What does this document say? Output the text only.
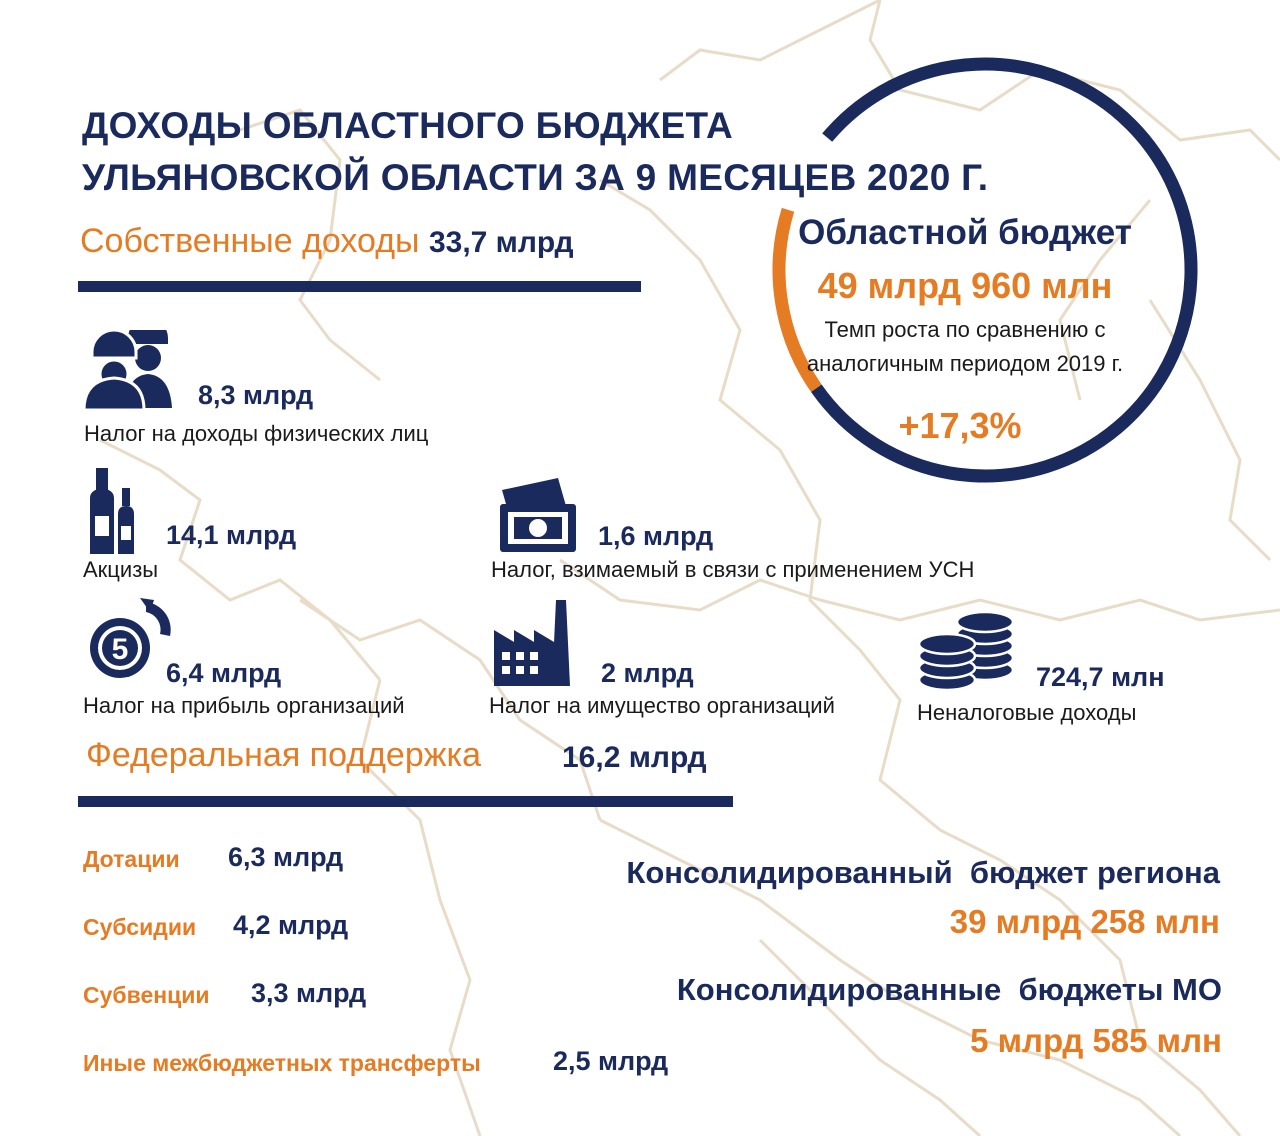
ДОХОДЫ ОБЛАСТНОГО БЮДЖЕТА
УЛЬЯНОВСКОЙ ОБЛАСТИ ЗА 9 МЕСЯЦЕВ 2020 Г.
Собственные доходы 33,7 млрд
8,3 млрд
Налог на доходы физических лиц
14,1 млрд
Акцизы
1,6 млрд
Налог, взимаемый в связи с применением УСН
5
6,4 млрд
Налог на прибыль организаций
2 млрд
Налог на имущество организаций
724,7 млн
Неналоговые доходы
Областной бюджет
49 млрд 960 млн
Темп роста по сравнению с
аналогичным периодом 2019 г.
+17,3%
Федеральная поддержка	16,2 млрд
Дотации 6,3 млрд
Субсидии 4,2 млрд
Субвенции 3,3 млрд
Иные межбюджетных трансферты	2,5 млрд
Консолидированный  бюджет региона
39 млрд 258 млн
Консолидированные  бюджеты МО
5 млрд 585 млн
